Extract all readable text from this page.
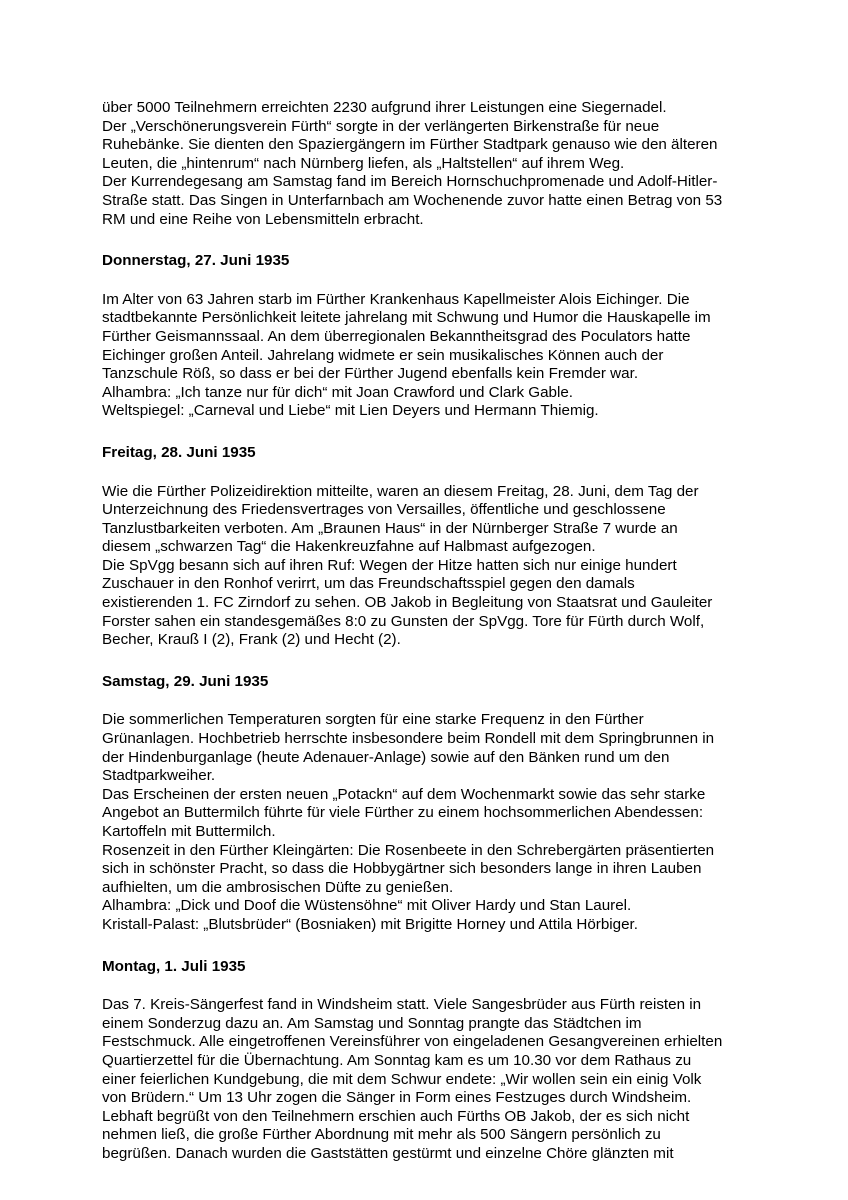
über 5000 Teilnehmern erreichten 2230 aufgrund ihrer Leistungen eine Siegernadel.
Der „Verschönerungsverein Fürth“ sorgte in der verlängerten Birkenstraße für neue
Ruhebänke. Sie dienten den Spaziergängern im Fürther Stadtpark genauso wie den älteren
Leuten, die „hintenrum“ nach Nürnberg liefen, als „Haltstellen“ auf ihrem Weg.
Der Kurrendegesang am Samstag fand im Bereich Hornschuchpromenade und Adolf-Hitler-
Straße statt. Das Singen in Unterfarnbach am Wochenende zuvor hatte einen Betrag von 53
RM und eine Reihe von Lebensmitteln erbracht.
Donnerstag, 27. Juni 1935
Im Alter von 63 Jahren starb im Fürther Krankenhaus Kapellmeister Alois Eichinger. Die
stadtbekannte Persönlichkeit leitete jahrelang mit Schwung und Humor die Hauskapelle im
Fürther Geismannssaal. An dem überregionalen Bekanntheitsgrad des Poculators hatte
Eichinger großen Anteil. Jahrelang widmete er sein musikalisches Können auch der
Tanzschule Röß, so dass er bei der Fürther Jugend ebenfalls kein Fremder war.
Alhambra: „Ich tanze nur für dich“ mit Joan Crawford und Clark Gable.
Weltspiegel: „Carneval und Liebe“ mit Lien Deyers und Hermann Thiemig.
Freitag, 28. Juni 1935
Wie die Fürther Polizeidirektion mitteilte, waren an diesem Freitag, 28. Juni, dem Tag der
Unterzeichnung des Friedensvertrages von Versailles, öffentliche und geschlossene
Tanzlustbarkeiten verboten. Am „Braunen Haus“ in der Nürnberger Straße 7 wurde an
diesem „schwarzen Tag“ die Hakenkreuzfahne auf Halbmast aufgezogen.
Die SpVgg besann sich auf ihren Ruf: Wegen der Hitze hatten sich nur einige hundert
Zuschauer in den Ronhof verirrt, um das Freundschaftsspiel gegen den damals
existierenden 1. FC Zirndorf zu sehen. OB Jakob in Begleitung von Staatsrat und Gauleiter
Forster sahen ein standesgemäßes 8:0 zu Gunsten der SpVgg. Tore für Fürth durch Wolf,
Becher, Krauß I (2), Frank (2) und Hecht (2).
Samstag, 29. Juni 1935
Die sommerlichen Temperaturen sorgten für eine starke Frequenz in den Fürther
Grünanlagen. Hochbetrieb herrschte insbesondere beim Rondell mit dem Springbrunnen in
der Hindenburganlage (heute Adenauer-Anlage) sowie auf den Bänken rund um den
Stadtparkweiher.
Das Erscheinen der ersten neuen „Potackn“ auf dem Wochenmarkt sowie das sehr starke
Angebot an Buttermilch führte für viele Fürther zu einem hochsommerlichen Abendessen:
Kartoffeln mit Buttermilch.
Rosenzeit in den Fürther Kleingärten: Die Rosenbeete in den Schrebergärten präsentierten
sich in schönster Pracht, so dass die Hobbygärtner sich besonders lange in ihren Lauben
aufhielten, um die ambrosischen Düfte zu genießen.
Alhambra: „Dick und Doof die Wüstensöhne“ mit Oliver Hardy und Stan Laurel.
Kristall-Palast: „Blutsbrüder“ (Bosniaken) mit Brigitte Horney und Attila Hörbiger.
Montag, 1. Juli 1935
Das 7. Kreis-Sängerfest fand in Windsheim statt. Viele Sangesbrüder aus Fürth reisten in
einem Sonderzug dazu an. Am Samstag und Sonntag prangte das Städtchen im
Festschmuck. Alle eingetroffenen Vereinsführer von eingeladenen Gesangvereinen erhielten
Quartierzettel für die Übernachtung. Am Sonntag kam es um 10.30 vor dem Rathaus zu
einer feierlichen Kundgebung, die mit dem Schwur endete: „Wir wollen sein ein einig Volk
von Brüdern.“ Um 13 Uhr zogen die Sänger in Form eines Festzuges durch Windsheim.
Lebhaft begrüßt von den Teilnehmern erschien auch Fürths OB Jakob, der es sich nicht
nehmen ließ, die große Fürther Abordnung mit mehr als 500 Sängern persönlich zu
begrüßen. Danach wurden die Gaststätten gestürmt und einzelne Chöre glänzten mit
